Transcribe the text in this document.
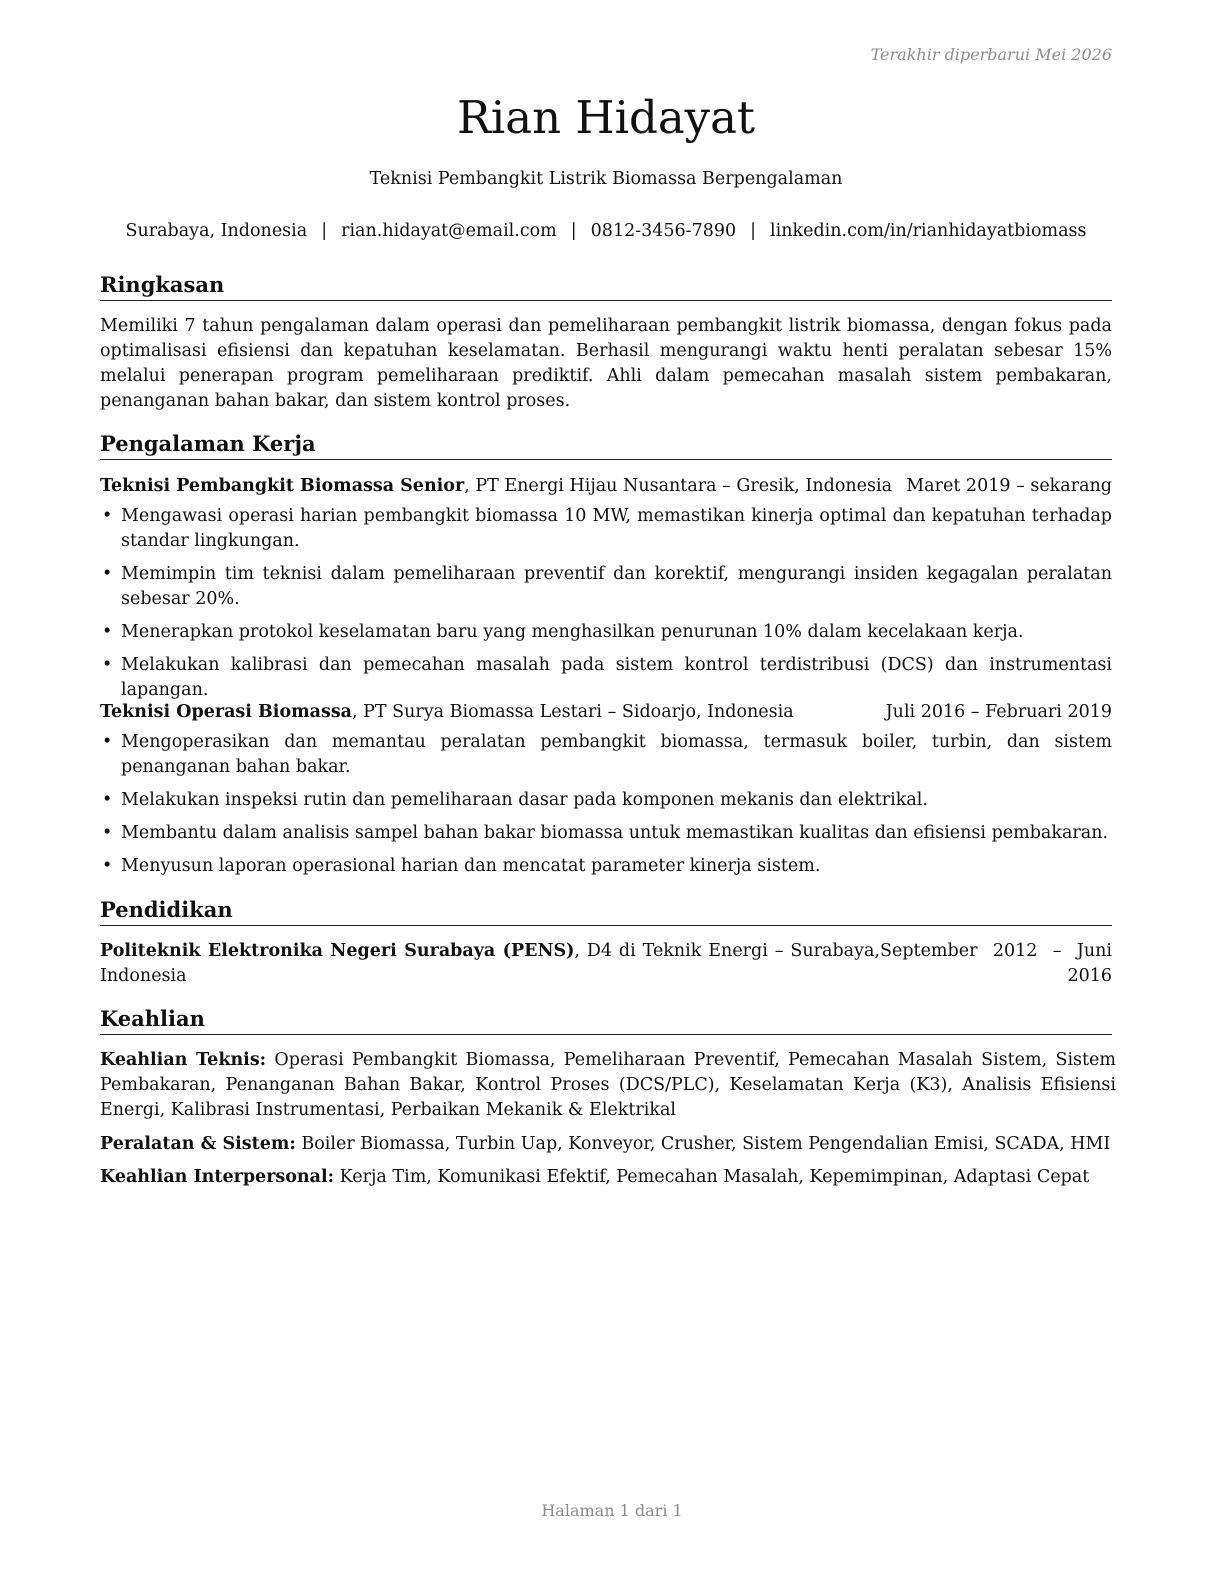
Terakhir diperbarui Mei 2026
Rian Hidayat
Teknisi Pembangkit Listrik Biomassa Berpengalaman
Surabaya, Indonesia | rian.hidayat@email.com | 0812-3456-7890 | linkedin.com/in/rianhidayatbiomass
Ringkasan
Memiliki 7 tahun pengalaman dalam operasi dan pemeliharaan pembangkit listrik biomassa, dengan fokus pada optimalisasi efisiensi dan kepatuhan keselamatan. Berhasil mengurangi waktu henti peralatan sebesar 15% melalui penerapan program pemeliharaan prediktif. Ahli dalam pemecahan masalah sistem pembakaran, penanganan bahan bakar, dan sistem kontrol proses.
Pengalaman Kerja
Teknisi Pembangkit Biomassa Senior, PT Energi Hijau Nusantara – Gresik, Indonesia Maret 2019 – sekarang
• Mengawasi operasi harian pembangkit biomassa 10 MW, memastikan kinerja optimal dan kepatuhan terhadap standar lingkungan.
• Memimpin tim teknisi dalam pemeliharaan preventif dan korektif, mengurangi insiden kegagalan peralatan sebesar 20%.
• Menerapkan protokol keselamatan baru yang menghasilkan penurunan 10% dalam kecelakaan kerja.
• Melakukan kalibrasi dan pemecahan masalah pada sistem kontrol terdistribusi (DCS) dan instrumentasi lapangan.
Teknisi Operasi Biomassa, PT Surya Biomassa Lestari – Sidoarjo, Indonesia	Juli 2016 – Februari 2019
• Mengoperasikan dan memantau peralatan pembangkit biomassa, termasuk boiler, turbin, dan sistem penanganan bahan bakar.
• Melakukan inspeksi rutin dan pemeliharaan dasar pada komponen mekanis dan elektrikal.
• Membantu dalam analisis sampel bahan bakar biomassa untuk memastikan kualitas dan efisiensi pembakaran.
• Menyusun laporan operasional harian dan mencatat parameter kinerja sistem.
Pendidikan
Politeknik Elektronika Negeri Surabaya (PENS), D4 di Teknik Energi – Surabaya, Indonesia
September 2012 – Juni 2016
Keahlian
Keahlian Teknis: Operasi Pembangkit Biomassa, Pemeliharaan Preventif, Pemecahan Masalah Sistem, Sistem Pembakaran, Penanganan Bahan Bakar, Kontrol Proses (DCS/PLC), Keselamatan Kerja (K3), Analisis Efisiensi Energi, Kalibrasi Instrumentasi, Perbaikan Mekanik & Elektrikal
Peralatan & Sistem: Boiler Biomassa, Turbin Uap, Konveyor, Crusher, Sistem Pengendalian Emisi, SCADA, HMI
Keahlian Interpersonal: Kerja Tim, Komunikasi Efektif, Pemecahan Masalah, Kepemimpinan, Adaptasi Cepat
Halaman 1 dari 1
